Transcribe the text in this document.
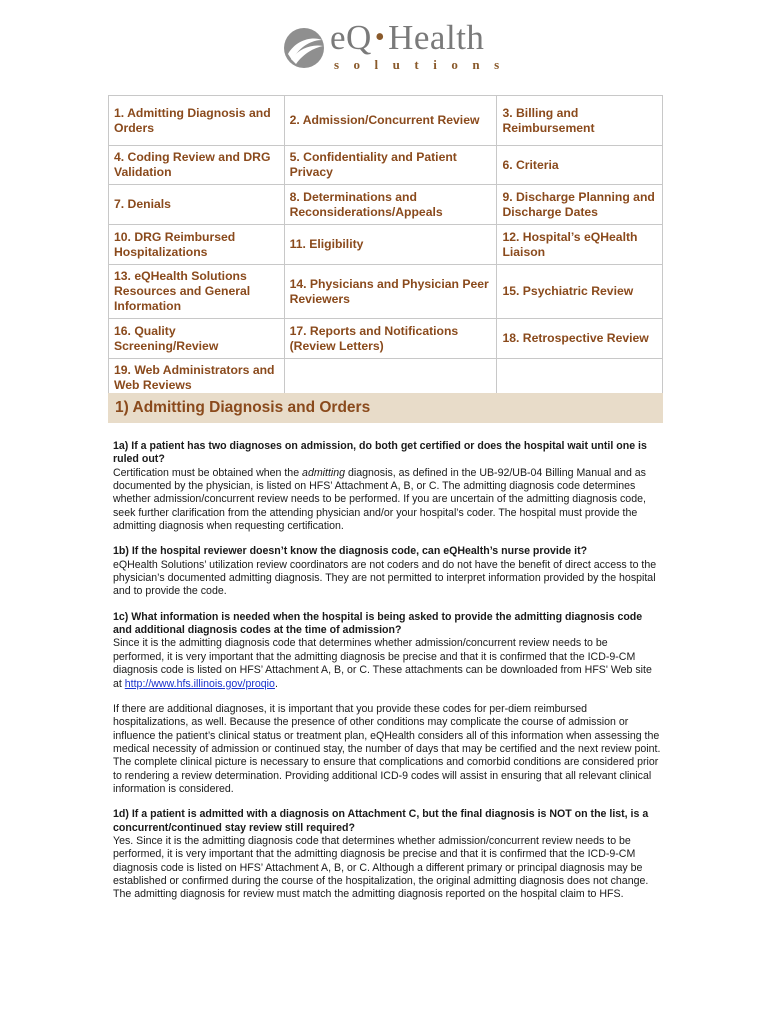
eQ •Health
solutions
1. Admitting Diagnosis and Orders	2. Admission/Concurrent Review	3. Billing and Reimbursement
4. Coding Review and DRG Validation	5. Confidentiality and Patient Privacy	6. Criteria
7. Denials	8. Determinations and Reconsiderations/Appeals	9. Discharge Planning and Discharge Dates
10. DRG Reimbursed Hospitalizations	11. Eligibility	12. Hospital’s eQHealth Liaison
13. eQHealth Solutions Resources and General Information	14. Physicians and Physician Peer Reviewers	15. Psychiatric Review
16. Quality Screening/Review	17. Reports and Notifications (Review Letters)	18. Retrospective Review
19. Web Administrators and Web Reviews		
1) Admitting Diagnosis and Orders

1a) If a patient has two diagnoses on admission, do both get certified or does the hospital wait until one is ruled out?
Certification must be obtained when the admitting diagnosis, as defined in the UB-92/UB-04 Billing Manual and as documented by the physician, is listed on HFS’ Attachment A, B, or C. The admitting diagnosis code determines whether admission/concurrent review needs to be performed. If you are uncertain of the admitting diagnosis code, seek further clarification from the attending physician and/or your hospital’s coder. The hospital must provide the admitting diagnosis when requesting certification.

1b) If the hospital reviewer doesn’t know the diagnosis code, can eQHealth’s nurse provide it?
eQHealth Solutions’ utilization review coordinators are not coders and do not have the benefit of direct access to the physician’s documented admitting diagnosis. They are not permitted to interpret information provided by the hospital and to provide the code.

1c) What information is needed when the hospital is being asked to provide the admitting diagnosis code and additional diagnosis codes at the time of admission?
Since it is the admitting diagnosis code that determines whether admission/concurrent review needs to be performed, it is very important that the admitting diagnosis be precise and that it is confirmed that the ICD-9-CM diagnosis code is listed on HFS’ Attachment A, B, or C. These attachments can be downloaded from HFS' Web site at http://www.hfs.illinois.gov/proqio.

If there are additional diagnoses, it is important that you provide these codes for per-diem reimbursed hospitalizations, as well. Because the presence of other conditions may complicate the course of admission or influence the patient’s clinical status or treatment plan, eQHealth considers all of this information when assessing the medical necessity of admission or continued stay, the number of days that may be certified and the next review point. The complete clinical picture is necessary to ensure that complications and comorbid conditions are considered prior to rendering a review determination. Providing additional ICD-9 codes will assist in ensuring that all relevant clinical information is considered.

1d) If a patient is admitted with a diagnosis on Attachment C, but the final diagnosis is NOT on the list, is a concurrent/continued stay review still required?
Yes. Since it is the admitting diagnosis code that determines whether admission/concurrent review needs to be performed, it is very important that the admitting diagnosis be precise and that it is confirmed that the ICD-9-CM diagnosis code is listed on HFS’ Attachment A, B, or C. Although a different primary or principal diagnosis may be established or confirmed during the course of the hospitalization, the original admitting diagnosis does not change. The admitting diagnosis for review must match the admitting diagnosis reported on the hospital claim to HFS.
